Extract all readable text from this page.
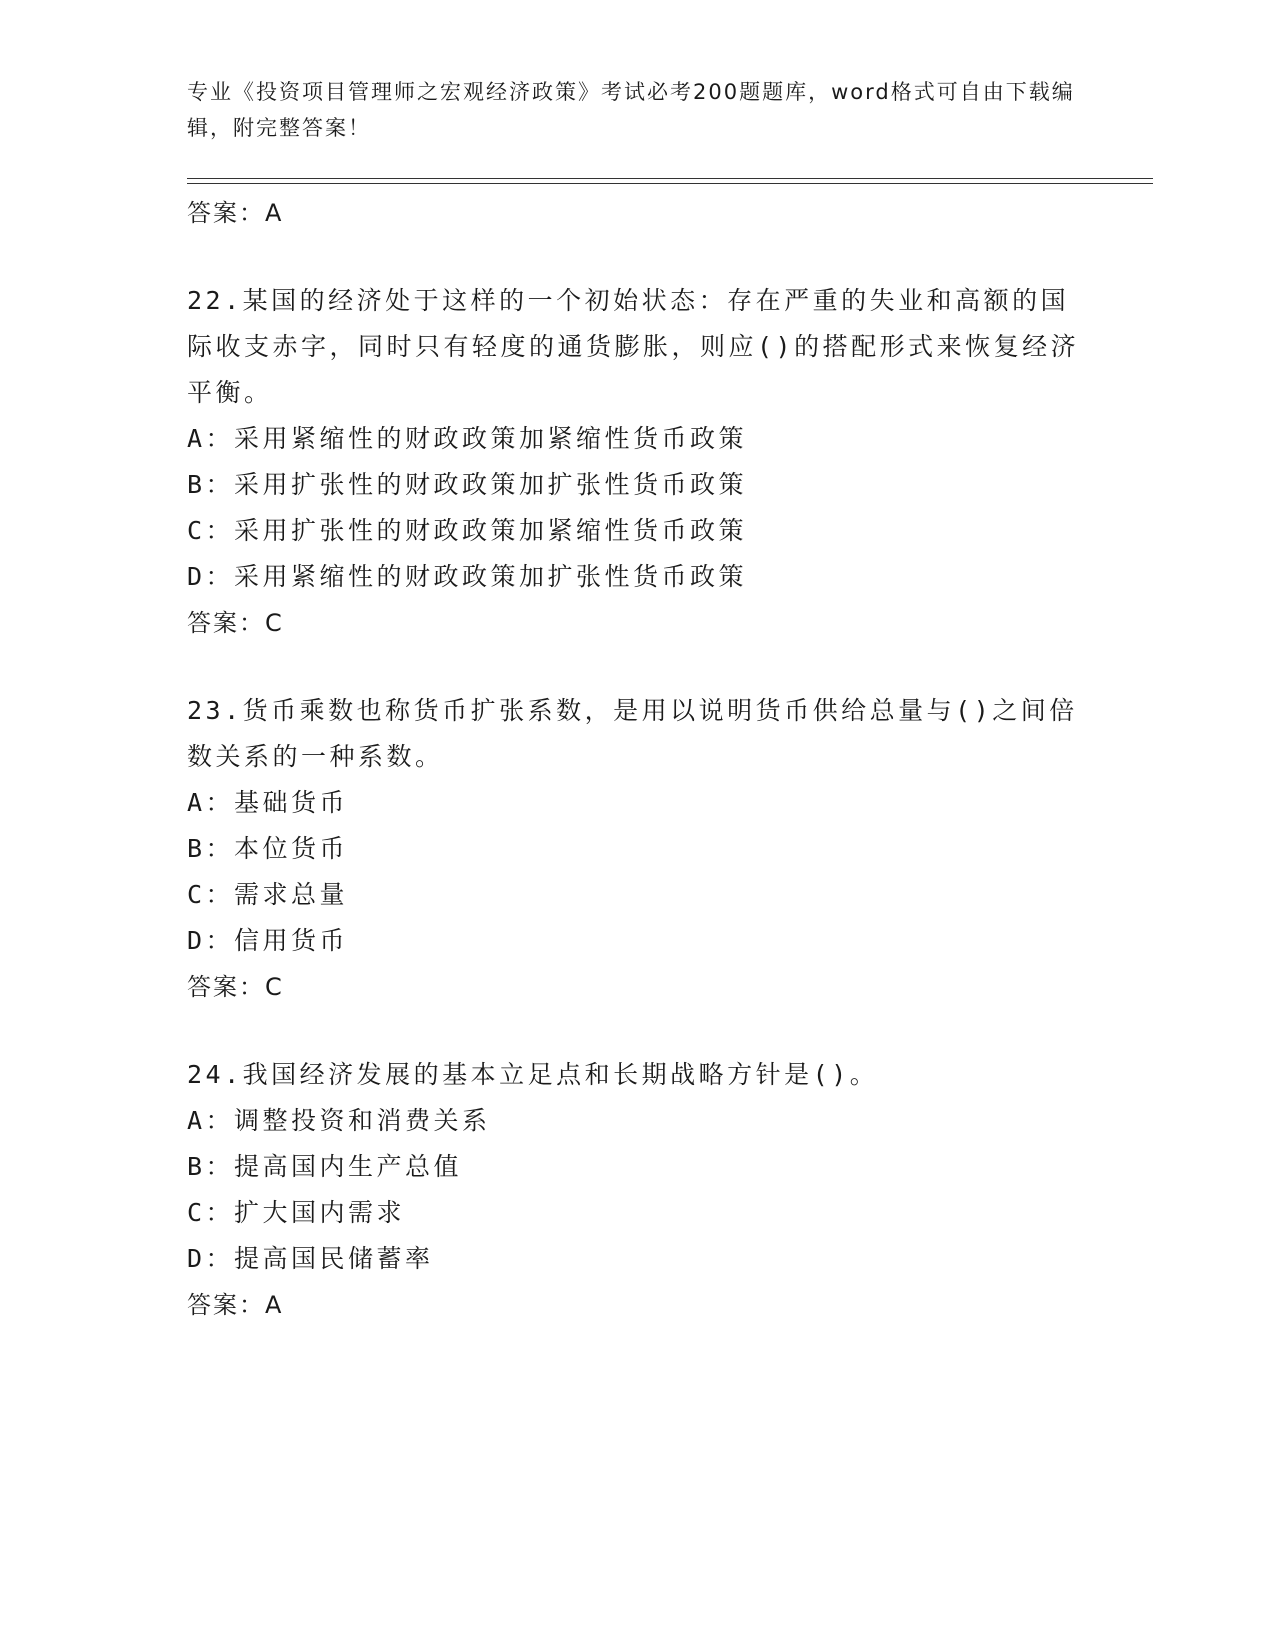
专业《投资项目管理师之宏观经济政策》考试必考200题题库，word格式可自由下载编辑，附完整答案！
答案：A
22.某国的经济处于这样的一个初始状态：存在严重的失业和高额的国际收支赤字，同时只有轻度的通货膨胀，则应()的搭配形式来恢复经济平衡。
A：采用紧缩性的财政政策加紧缩性货币政策
B：采用扩张性的财政政策加扩张性货币政策
C：采用扩张性的财政政策加紧缩性货币政策
D：采用紧缩性的财政政策加扩张性货币政策
答案：C
23.货币乘数也称货币扩张系数，是用以说明货币供给总量与()之间倍数关系的一种系数。
A：基础货币
B：本位货币
C：需求总量
D：信用货币
答案：C
24.我国经济发展的基本立足点和长期战略方针是()。
A：调整投资和消费关系
B：提高国内生产总值
C：扩大国内需求
D：提高国民储蓄率
答案：A
